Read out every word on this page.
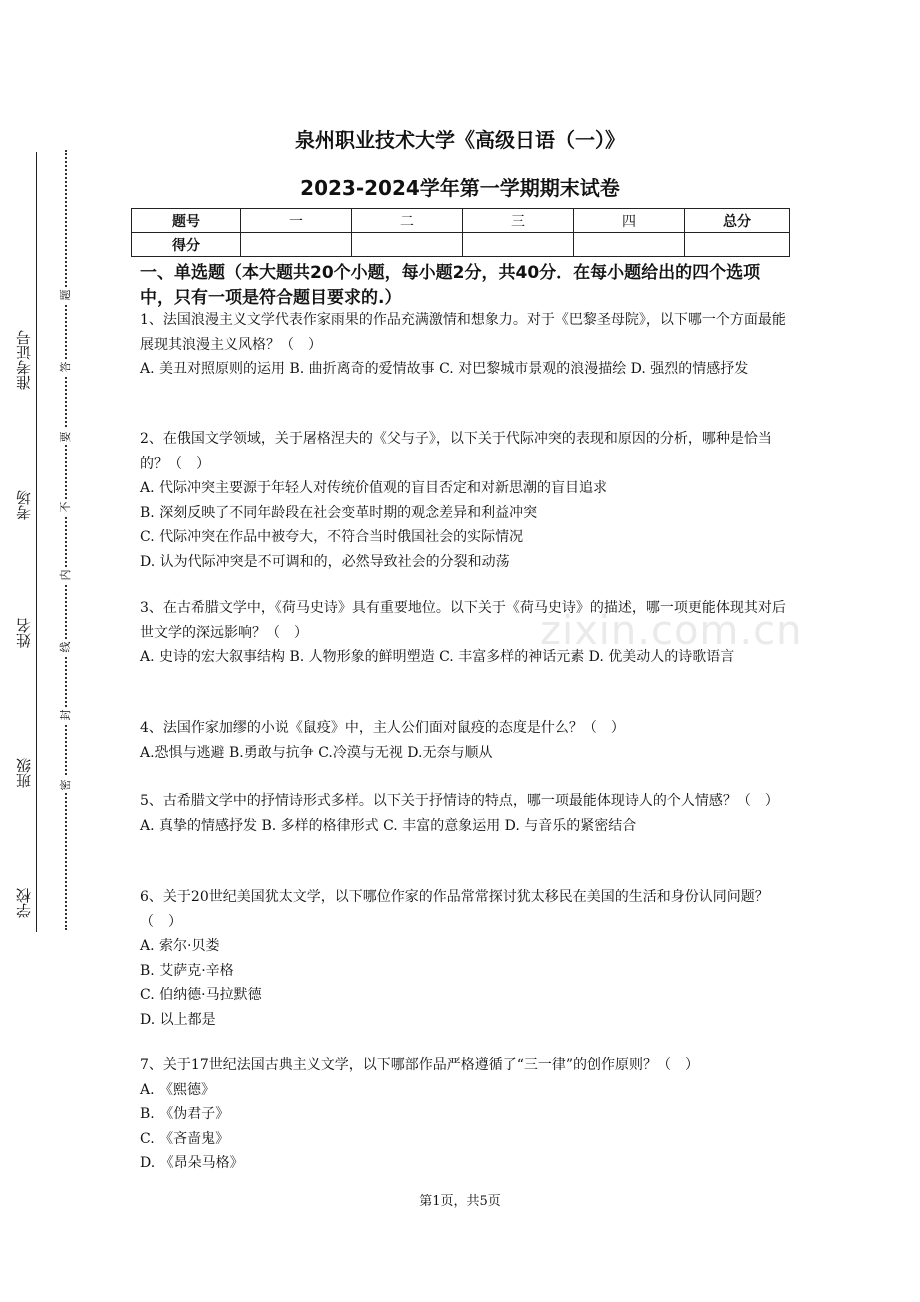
准考证号
考场
姓名
班级
学校
题
答
要
不
内
线
封
密
zixin.com.cn
泉州职业技术大学《高级日语（一）》
2023-2024学年第一学期期末试卷
题号	一	二	三	四	总分
得分					
一、单选题（本大题共20个小题，每小题2分，共40分．在每小题给出的四个选项中，只有一项是符合题目要求的.）

1、法国浪漫主义文学代表作家雨果的作品充满激情和想象力。对于《巴黎圣母院》，以下哪一个方面最能展现其浪漫主义风格？（　）

A. 美丑对照原则的运用 B. 曲折离奇的爱情故事 C. 对巴黎城市景观的浪漫描绘 D. 强烈的情感抒发

2、在俄国文学领域，关于屠格涅夫的《父与子》，以下关于代际冲突的表现和原因的分析，哪种是恰当的？（　）

A. 代际冲突主要源于年轻人对传统价值观的盲目否定和对新思潮的盲目追求

B. 深刻反映了不同年龄段在社会变革时期的观念差异和利益冲突

C. 代际冲突在作品中被夸大，不符合当时俄国社会的实际情况

D. 认为代际冲突是不可调和的，必然导致社会的分裂和动荡

3、在古希腊文学中，《荷马史诗》具有重要地位。以下关于《荷马史诗》的描述，哪一项更能体现其对后世文学的深远影响？（　）

A. 史诗的宏大叙事结构 B. 人物形象的鲜明塑造 C. 丰富多样的神话元素 D. 优美动人的诗歌语言

4、法国作家加缪的小说《鼠疫》中，主人公们面对鼠疫的态度是什么？（　）

A.恐惧与逃避 B.勇敢与抗争 C.冷漠与无视 D.无奈与顺从

5、古希腊文学中的抒情诗形式多样。以下关于抒情诗的特点，哪一项最能体现诗人的个人情感？（　）

A. 真挚的情感抒发 B. 多样的格律形式 C. 丰富的意象运用 D. 与音乐的紧密结合

6、关于20世纪美国犹太文学，以下哪位作家的作品常常探讨犹太移民在美国的生活和身份认同问题？（　）

A. 索尔·贝娄

B. 艾萨克·辛格

C. 伯纳德·马拉默德

D. 以上都是

7、关于17世纪法国古典主义文学，以下哪部作品严格遵循了“三一律”的创作原则？（　）

A. 《熙德》

B. 《伪君子》

C. 《吝啬鬼》

D. 《昂朵马格》

第1页，共5页
